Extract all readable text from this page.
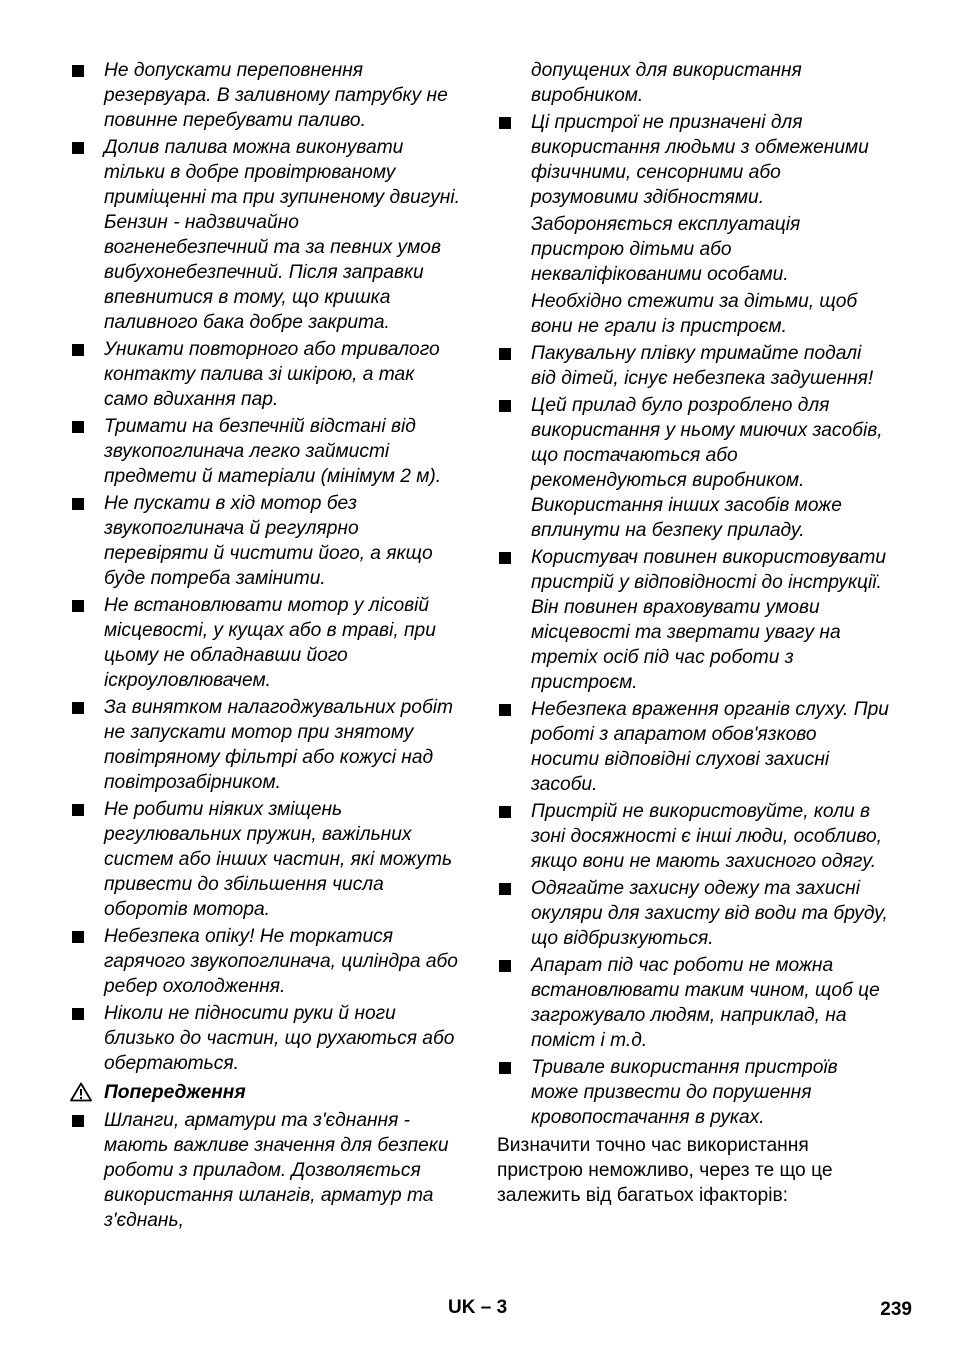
Не допускати переповнення резервуара. В заливному патрубку не повинне перебувати паливо.
Долив палива можна виконувати тільки в добре провітрюваному приміщенні та при зупиненому двигуні. Бензин - надзвичайно вогненебезпечний та за певних умов вибухонебезпечний. Після заправки впевнитися в тому, що кришка паливного бака добре закрита.
Уникати повторного або тривалого контакту палива зі шкірою, а так само вдихання пар.
Тримати на безпечній відстані від звукопоглинача легко займисті предмети й матеріали (мінімум 2 м).
Не пускати в хід мотор без звукопоглинача й регулярно перевіряти й чистити його, а якщо буде потреба замінити.
Не встановлювати мотор у лісовій місцевості, у кущах або в траві, при цьому не обладнавши його іскроуловлювачем.
За винятком налагоджувальних робіт не запускати мотор при знятому повітряному фільтрі або кожусі над повітрозабірником.
Не робити ніяких зміщень регулювальних пружин, важільних систем або інших частин, які можуть привести до збільшення числа оборотів мотора.
Небезпека опіку! Не торкатися гарячого звукопоглинача, циліндра або ребер охолодження.
Ніколи не підносити руки й ноги близько до частин, що рухаються або обертаються.
Попередження
Шланги, арматури та з'єднання - мають важливе значення для безпеки роботи з приладом. Дозволяється використання шлангів, арматур та з'єднань,
допущених для використання виробником.
Ці пристрої не призначені для використання людьми з обмеженими фізичними, сенсорними або розумовими здібностями.
Забороняється експлуатація пристрою дітьми або некваліфікованими особами.
Необхідно стежити за дітьми, щоб вони не грали із пристроєм.
Пакувальну плівку тримайте подалі від дітей, існує небезпека задушення!
Цей прилад було розроблено для використання у ньому миючих засобів, що постачаються або рекомендуються виробником. Використання інших засобів може вплинути на безпеку приладу.
Користувач повинен використовувати пристрій у відповідності до інструкції. Він повинен враховувати умови місцевості та звертати увагу на третіх осіб під час роботи з пристроєм.
Небезпека враження органів слуху. При роботі з апаратом обов'язково носити відповідні слухові захисні засоби.
Пристрій не використовуйте, коли в зоні досяжності є інші люди, особливо, якщо вони не мають захисного одягу.
Одягайте захисну одежу та захисні окуляри для захисту від води та бруду, що відбризкуються.
Апарат під час роботи не можна встановлювати таким чином, щоб це загрожувало людям, наприклад, на поміст і т.д.
Тривале використання пристроїв може призвести до порушення кровопостачання в руках.
Визначити точно час використання пристрою неможливо, через те що це залежить від багатьох іфакторів:
UK – 3	239
